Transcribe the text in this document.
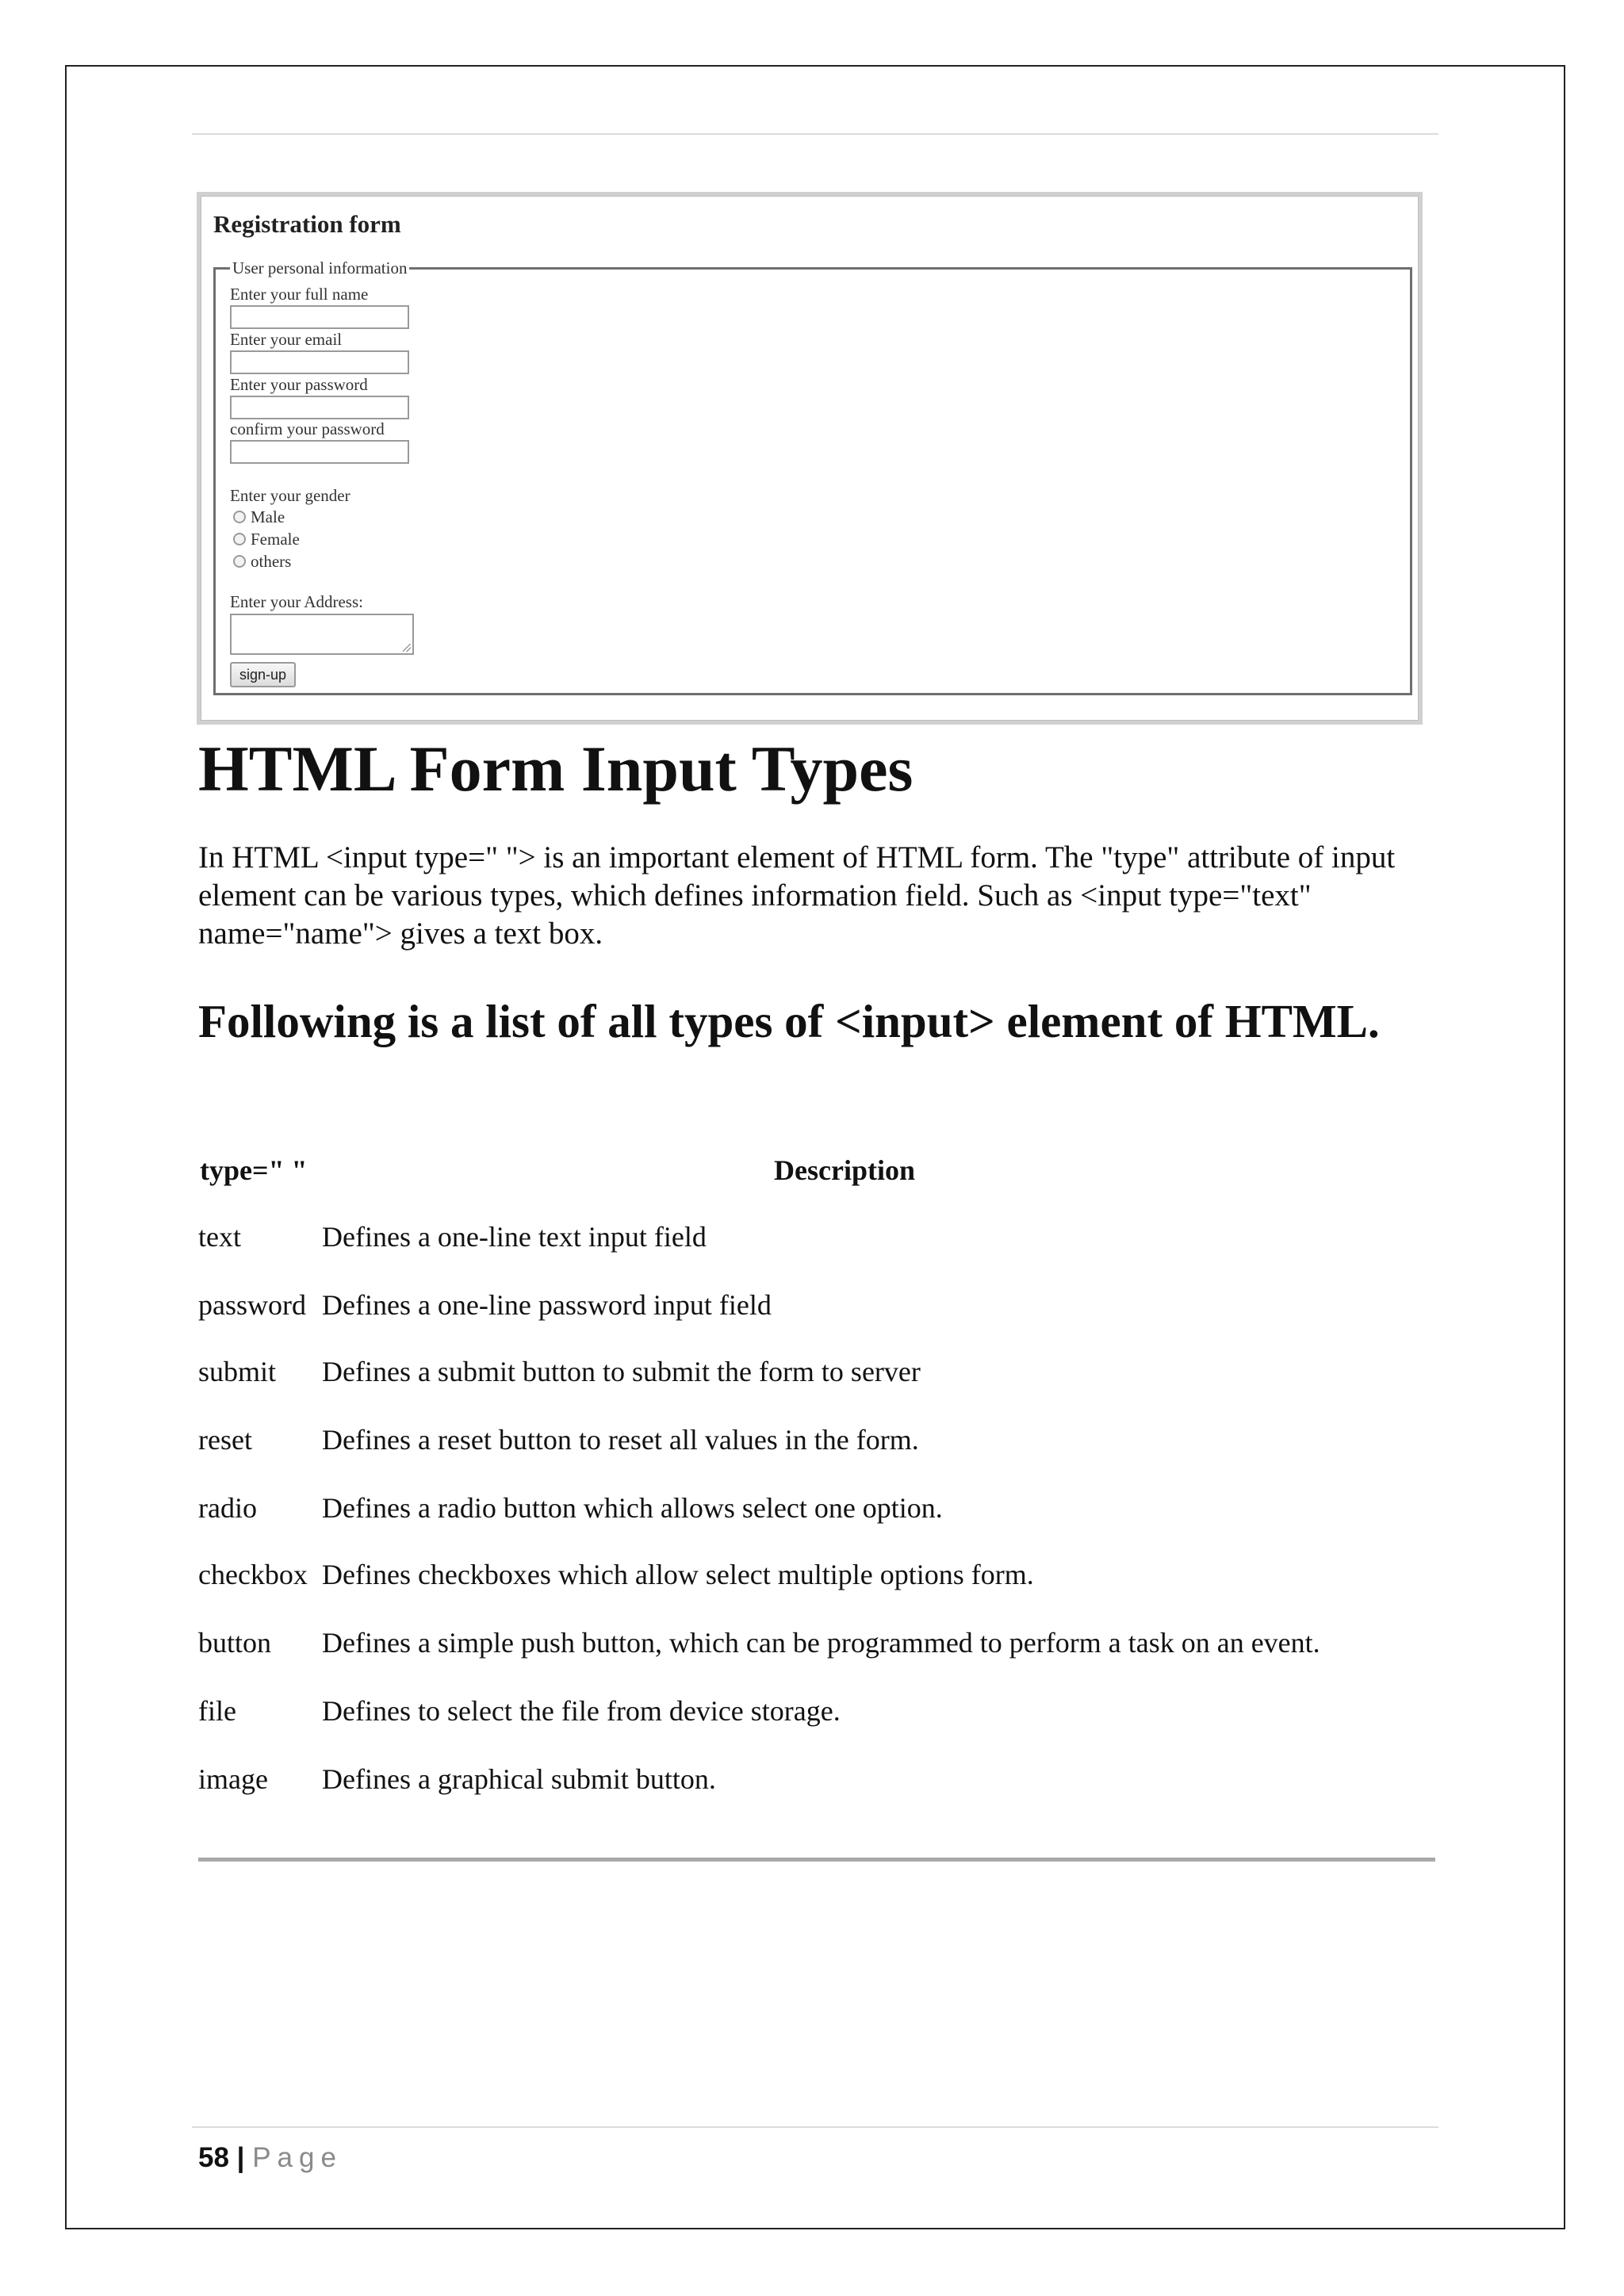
Registration form
User personal information
Enter your full name
Enter your email
Enter your password
confirm your password
Enter your gender
Male
Female
others
Enter your Address:
sign-up
HTML Form Input Types

In HTML <input type=" "> is an important element of HTML form. The "type" attribute of input element can be various types, which defines information field. Such as <input type="text" name="name"> gives a text box.

Following is a list of all types of <input> element of HTML.
type=" "	Description
text	Defines a one-line text input field
password Defines a one-line password input field
submit Defines a submit button to submit the form to server
reset Defines a reset button to reset all values in the form.
radio Defines a radio button which allows select one option.
checkbox Defines checkboxes which allow select multiple options form.
button Defines a simple push button, which can be programmed to perform a task on an event.
file	Defines to select the file from device storage.
image Defines a graphical submit button.
58 | Page
